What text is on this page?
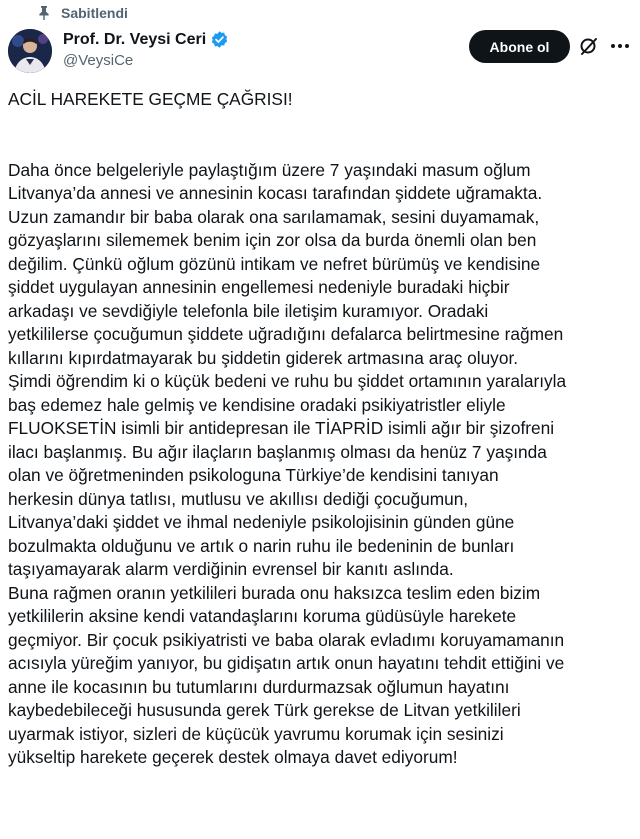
Sabitlendi
Prof. Dr. Veysi Ceri
@VeysiCe
Abone ol
ACİL HAREKETE GEÇME ÇAĞRISI!
Daha önce belgeleriyle paylaştığım üzere 7 yaşındaki masum oğlum
Litvanya’da annesi ve annesinin kocası tarafından şiddete uğramakta.
Uzun zamandır bir baba olarak ona sarılamamak, sesini duyamamak,
gözyaşlarını silememek benim için zor olsa da burda önemli olan ben
değilim. Çünkü oğlum gözünü intikam ve nefret bürümüş ve kendisine
şiddet uygulayan annesinin engellemesi nedeniyle buradaki hiçbir
arkadaşı ve sevdiğiyle telefonla bile iletişim kuramıyor. Oradaki
yetkililerse çocuğumun şiddete uğradığını defalarca belirtmesine rağmen
kıllarını kıpırdatmayarak bu şiddetin giderek artmasına araç oluyor.
Şimdi öğrendim ki o küçük bedeni ve ruhu bu şiddet ortamının yaralarıyla
baş edemez hale gelmiş ve kendisine oradaki psikiyatristler eliyle
FLUOKSETİN isimli bir antidepresan ile TİAPRİD isimli ağır bir şizofreni
ilacı başlanmış. Bu ağır ilaçların başlanmış olması da henüz 7 yaşında
olan ve öğretmeninden psikologuna Türkiye’de kendisini tanıyan
herkesin dünya tatlısı, mutlusu ve akıllısı dediği çocuğumun,
Litvanya’daki şiddet ve ihmal nedeniyle psikolojisinin günden güne
bozulmakta olduğunu ve artık o narin ruhu ile bedeninin de bunları
taşıyamayarak alarm verdiğinin evrensel bir kanıtı aslında.
Buna rağmen oranın yetkilileri burada onu haksızca teslim eden bizim
yetkililerin aksine kendi vatandaşlarını koruma güdüsüyle harekete
geçmiyor. Bir çocuk psikiyatristi ve baba olarak evladımı koruyamamanın
acısıyla yüreğim yanıyor, bu gidişatın artık onun hayatını tehdit ettiğini ve
anne ile kocasının bu tutumlarını durdurmazsak oğlumun hayatını
kaybedebileceği hususunda gerek Türk gerekse de Litvan yetkilileri
uyarmak istiyor, sizleri de küçücük yavrumu korumak için sesinizi
yükseltip harekete geçerek destek olmaya davet ediyorum!
